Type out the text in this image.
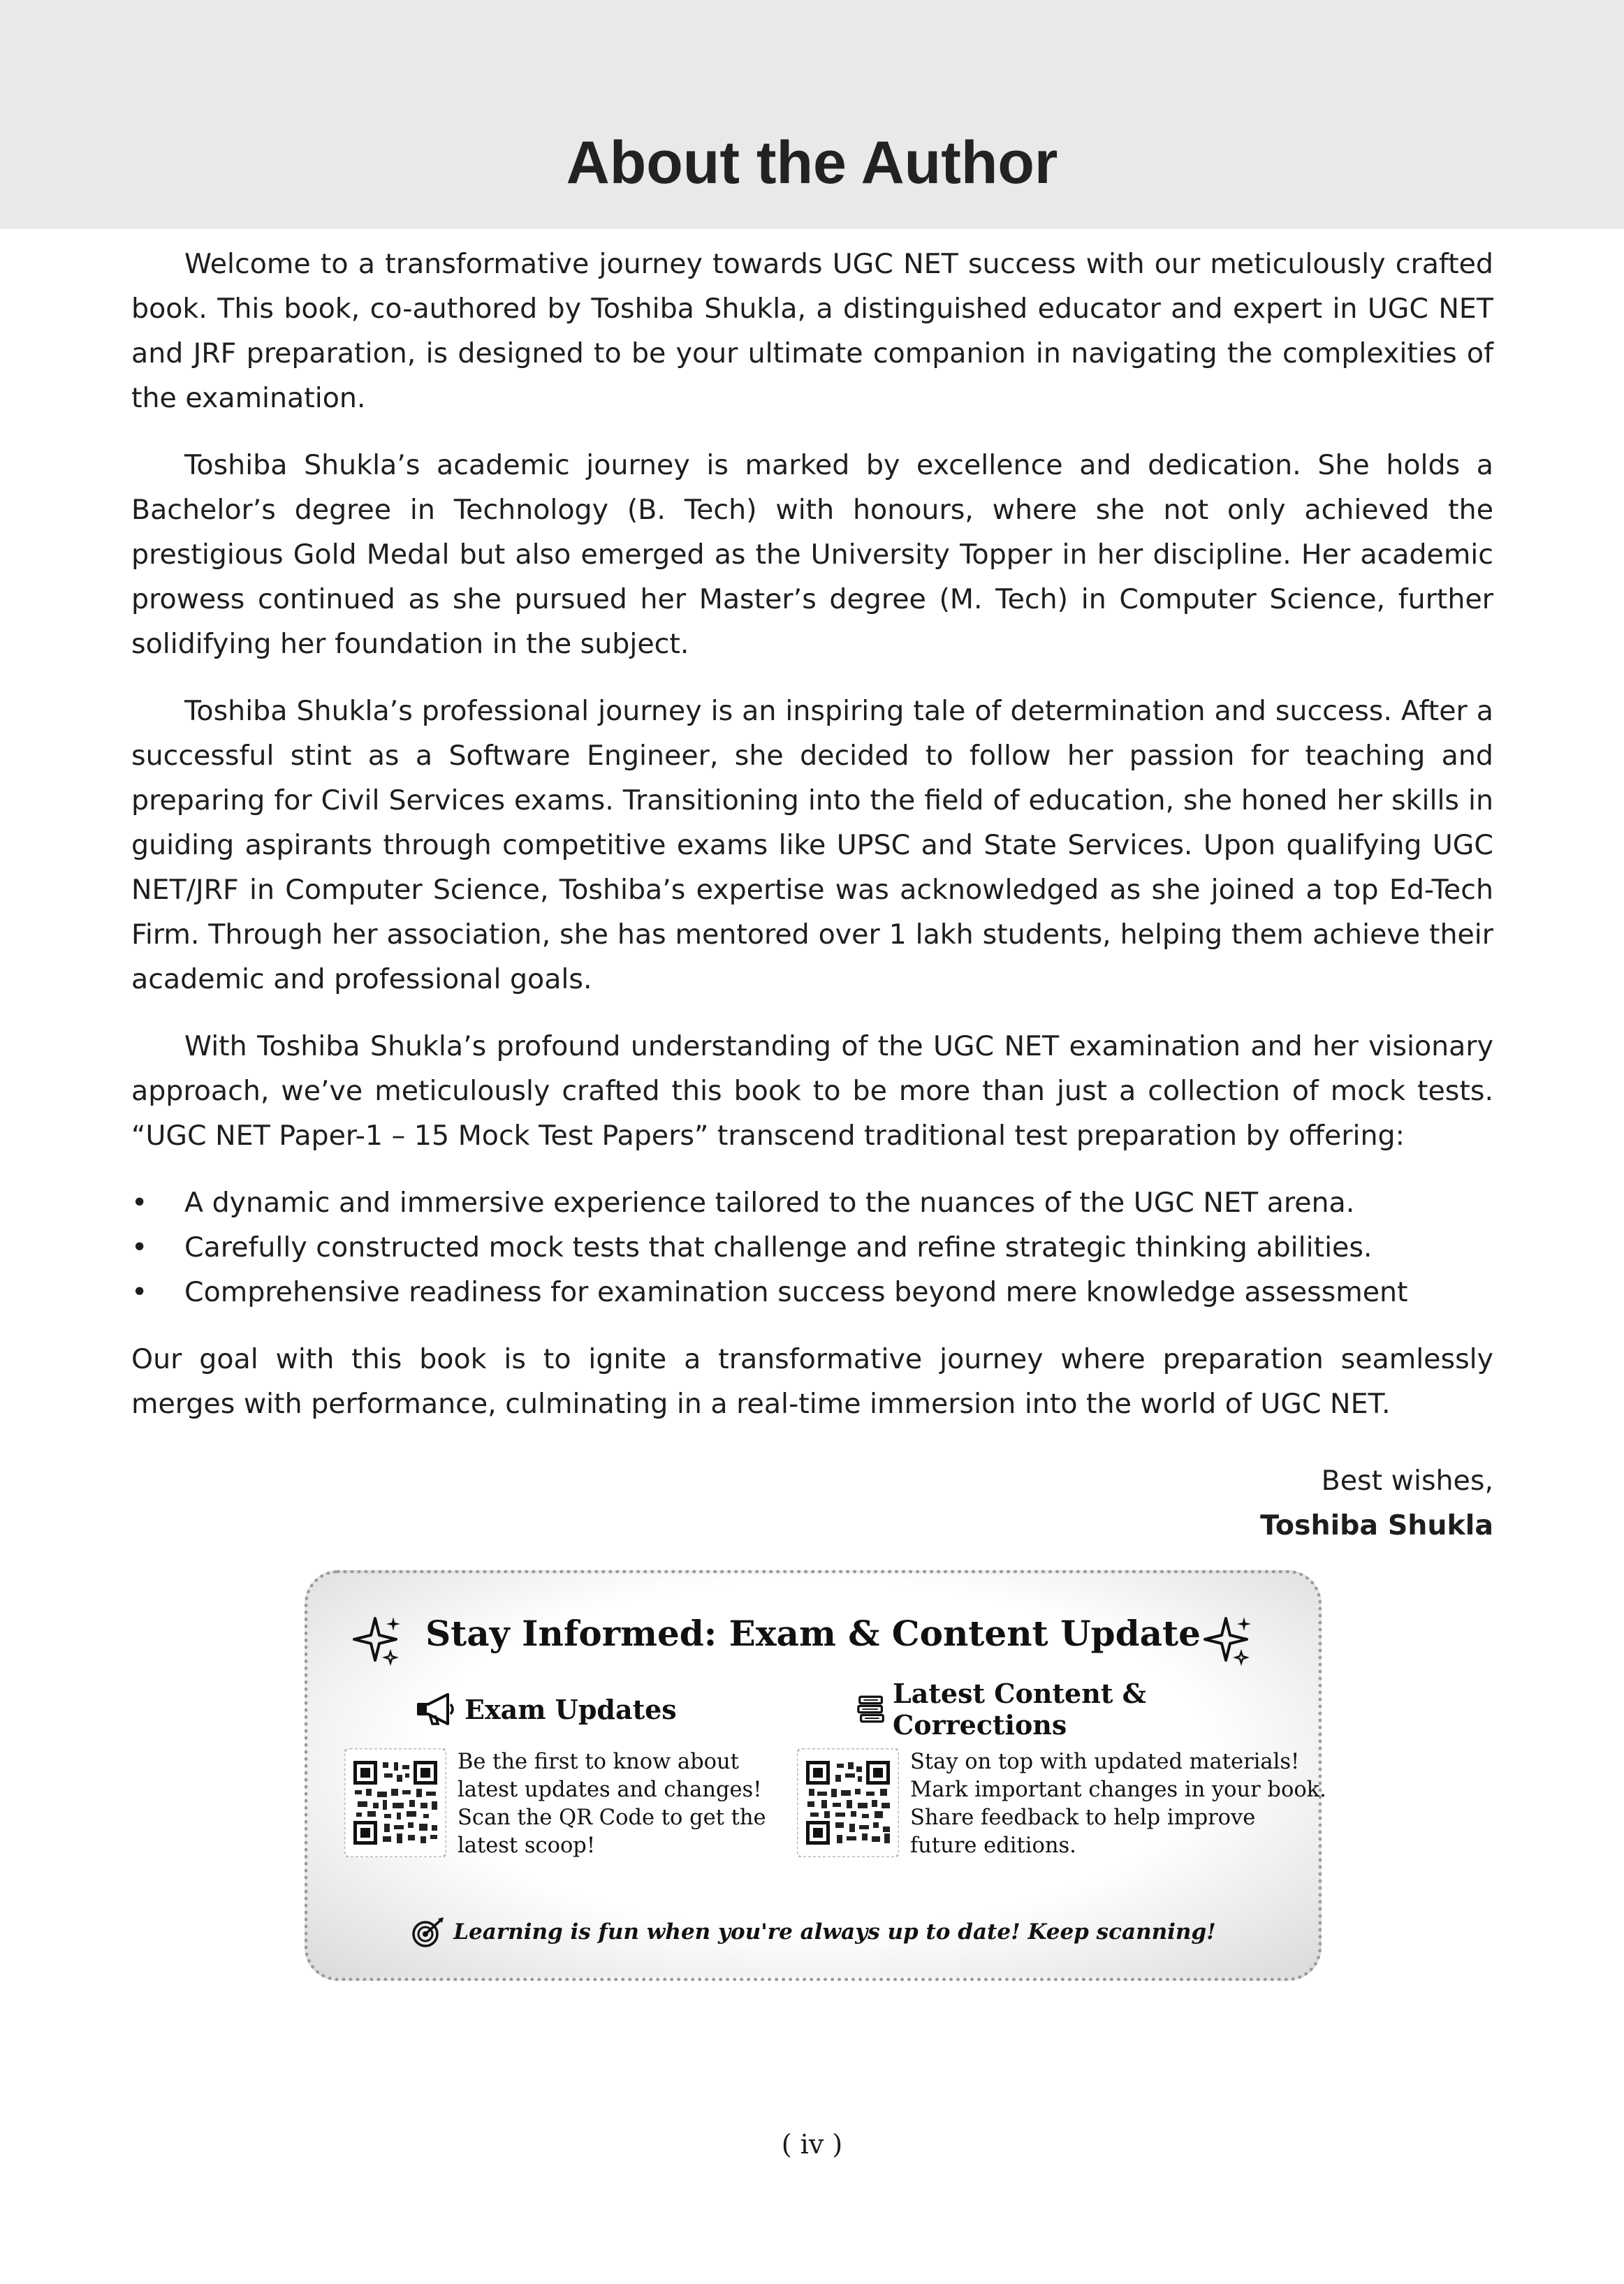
About the Author

Welcome to a transformative journey towards UGC NET success with our meticulously crafted book. This book, co-authored by Toshiba Shukla, a distinguished educator and expert in UGC NET and JRF preparation, is designed to be your ultimate companion in navigating the complexities of the examination.

Toshiba Shukla’s academic journey is marked by excellence and dedication. She holds a Bachelor’s degree in Technology (B. Tech) with honours, where she not only achieved the prestigious Gold Medal but also emerged as the University Topper in her discipline. Her academic prowess continued as she pursued her Master’s degree (M. Tech) in Computer Science, further solidifying her foundation in the subject.

Toshiba Shukla’s professional journey is an inspiring tale of determination and success. After a successful stint as a Software Engineer, she decided to follow her passion for teaching and preparing for Civil Services exams. Transitioning into the field of education, she honed her skills in guiding aspirants through competitive exams like UPSC and State Services. Upon qualifying UGC NET/JRF in Computer Science, Toshiba’s expertise was acknowledged as she joined a top Ed-Tech Firm. Through her association, she has mentored over 1 lakh students, helping them achieve their academic and professional goals.

With Toshiba Shukla’s profound understanding of the UGC NET examination and her visionary approach, we’ve meticulously crafted this book to be more than just a collection of mock tests. “UGC NET Paper-1 – 15 Mock Test Papers” transcend traditional test preparation by offering:

•	A dynamic and immersive experience tailored to the nuances of the UGC NET arena.
•	Carefully constructed mock tests that challenge and refine strategic thinking abilities.
•	Comprehensive readiness for examination success beyond mere knowledge assessment

Our goal with this book is to ignite a transformative journey where preparation seamlessly merges with performance, culminating in a real-time immersion into the world of UGC NET.

Best wishes,
Toshiba Shukla
Stay Informed: Exam & Content Update
Exam Updates

Be the first to know about
latest updates and changes!
Scan the QR Code to get the
latest scoop!

Latest Content & Corrections

Stay on top with updated materials!
Mark important changes in your book.
Share feedback to help improve
future editions.

Learning is fun when you're always up to date! Keep scanning!
( iv )
